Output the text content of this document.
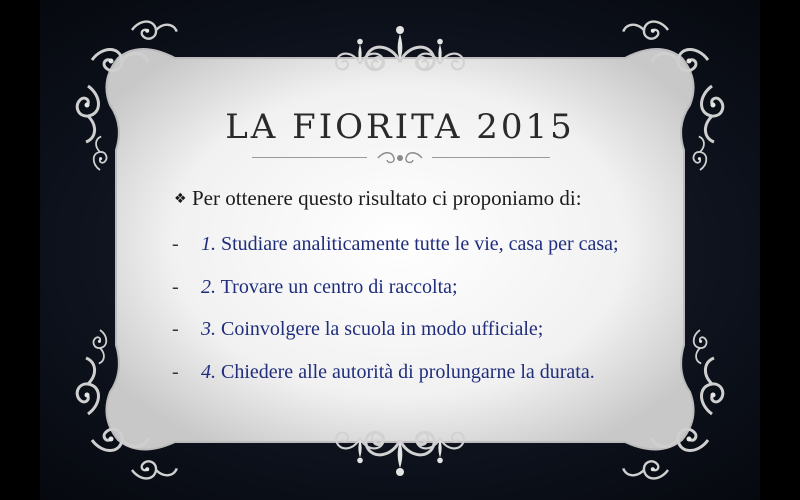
LA FIORITA 2015
❖ Per ottenere questo risultato ci proponiamo di:
- 1. Studiare analiticamente tutte le vie, casa per casa;
- 2. Trovare un centro di raccolta;
- 3. Coinvolgere la scuola in modo ufficiale;
- 4. Chiedere alle autorità di prolungarne la durata.
